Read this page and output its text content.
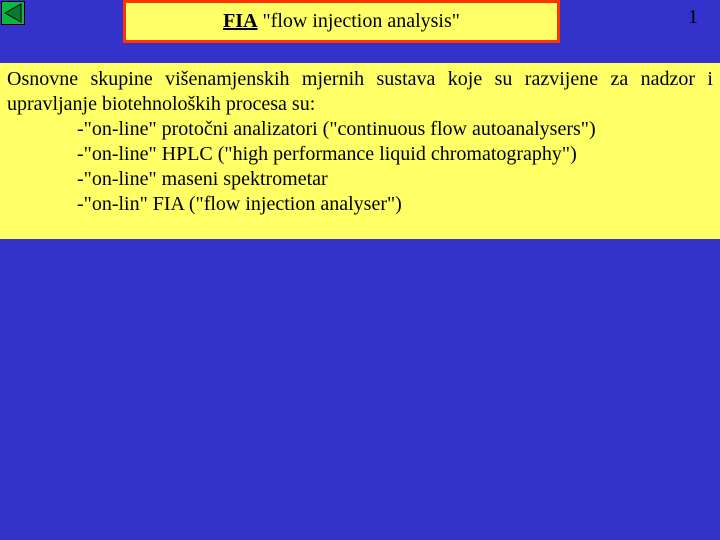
FIA "flow injection analysis"	1

Osnovne skupine višenamjenskih mjernih sustava koje su razvijene za nadzor i upravljanje biotehnoloških procesa su:

-"on-line" protočni analizatori ("continuous flow autoanalysers")
-"on-line" HPLC ("high performance liquid chromatography")
-"on-line" maseni spektrometar
-"on-lin" FIA ("flow injection analyser")
